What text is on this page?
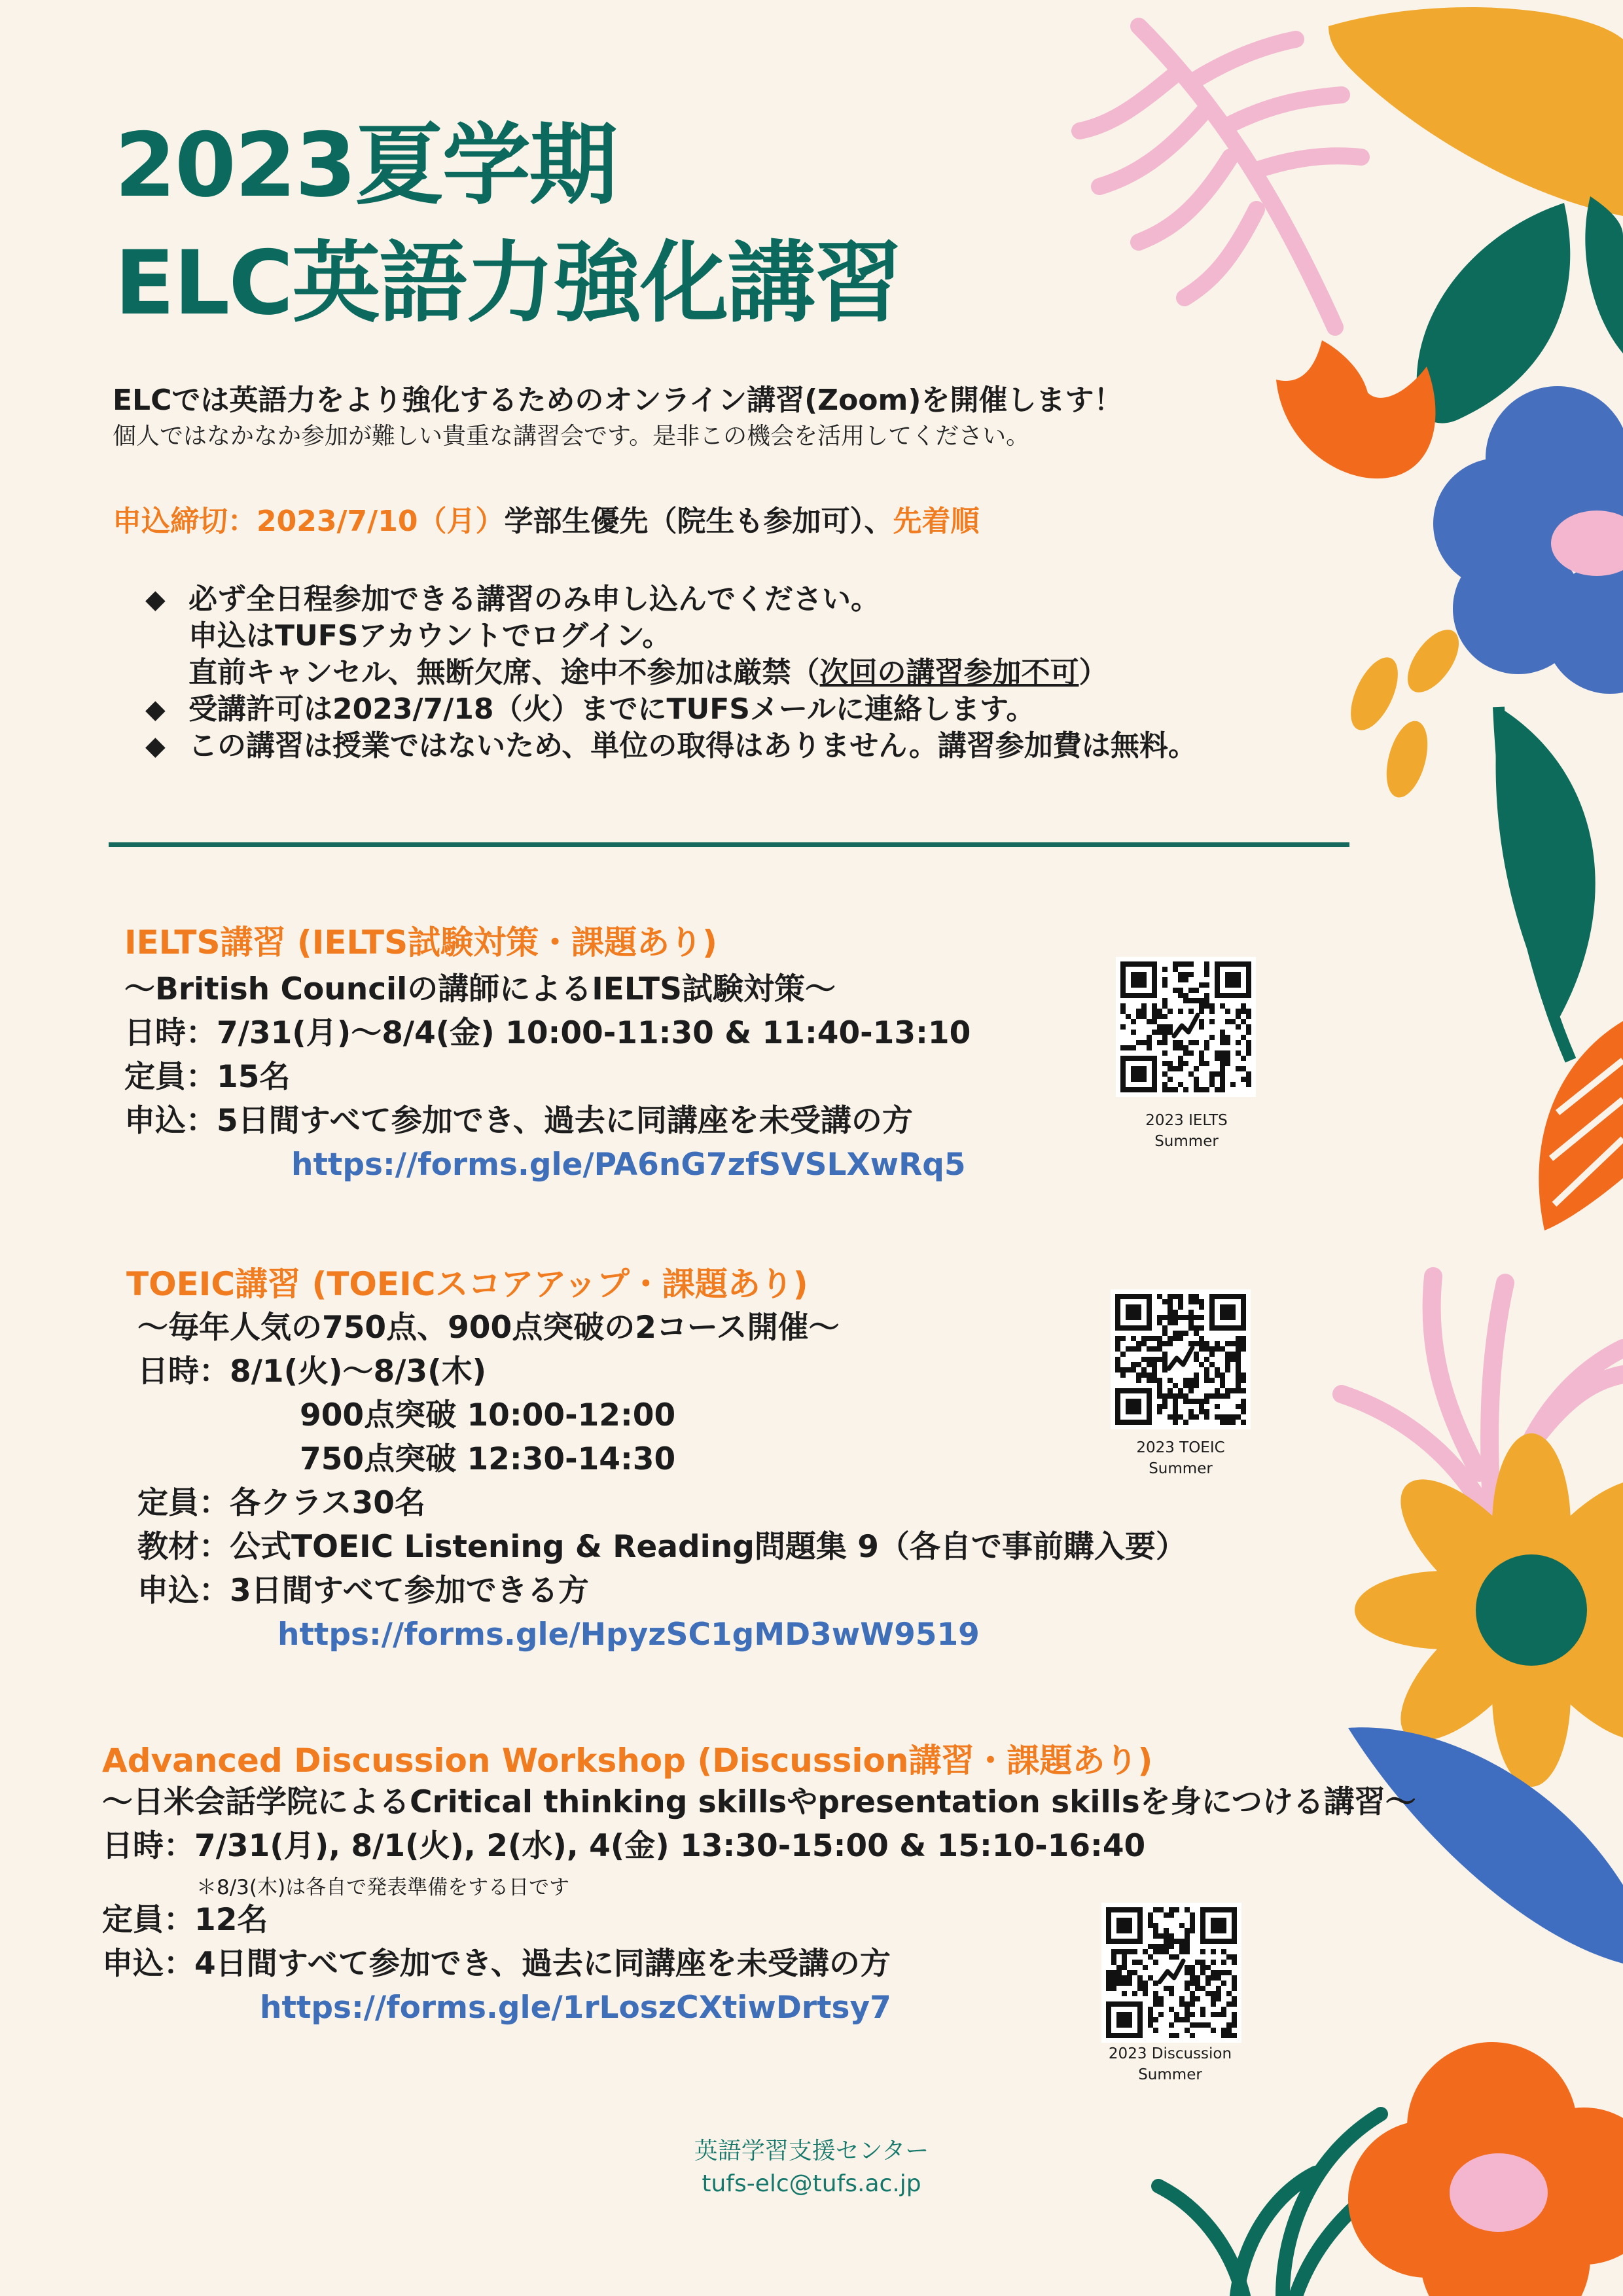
2023夏学期
ELC英語力強化講習
ELCでは英語力をより強化するためのオンライン講習(Zoom)を開催します！
個人ではなかなか参加が難しい貴重な講習会です。是非この機会を活用してください。
申込締切：2023/7/10（月）学部生優先（院生も参加可）、先着順
◆ 必ず全日程参加できる講習のみ申し込んでください。
申込はTUFSアカウントでログイン。
直前キャンセル、無断欠席、途中不参加は厳禁（次回の講習参加不可）
◆ 受講許可は2023/7/18（火）までにTUFSメールに連絡します。
◆ この講習は授業ではないため、単位の取得はありません。講習参加費は無料。
IELTS講習 (IELTS試験対策・課題あり)
〜British Councilの講師によるIELTS試験対策〜
日時：7/31(月)〜8/4(金) 10:00-11:30 & 11:40-13:10
定員：15名
申込：5日間すべて参加でき、過去に同講座を未受講の方
https://forms.gle/PA6nG7zfSVSLXwRq5
2023 IELTS
Summer
TOEIC講習 (TOEICスコアアップ・課題あり)
〜毎年人気の750点、900点突破の2コース開催〜
日時：8/1(火)〜8/3(木)
900点突破 10:00-12:00
750点突破 12:30-14:30
定員：各クラス30名
教材：公式TOEIC Listening & Reading問題集 9（各自で事前購入要）
申込：3日間すべて参加できる方
https://forms.gle/HpyzSC1gMD3wW9519
2023 TOEIC
Summer
Advanced Discussion Workshop (Discussion講習・課題あり)
〜日米会話学院によるCritical thinking skillsやpresentation skillsを身につける講習〜
日時：7/31(月), 8/1(火), 2(水), 4(金) 13:30-15:00 & 15:10-16:40
＊8/3(木)は各自で発表準備をする日です
定員：12名
申込：4日間すべて参加でき、過去に同講座を未受講の方
https://forms.gle/1rLoszCXtiwDrtsy7
2023 Discussion
Summer
英語学習支援センター
tufs-elc@tufs.ac.jp
